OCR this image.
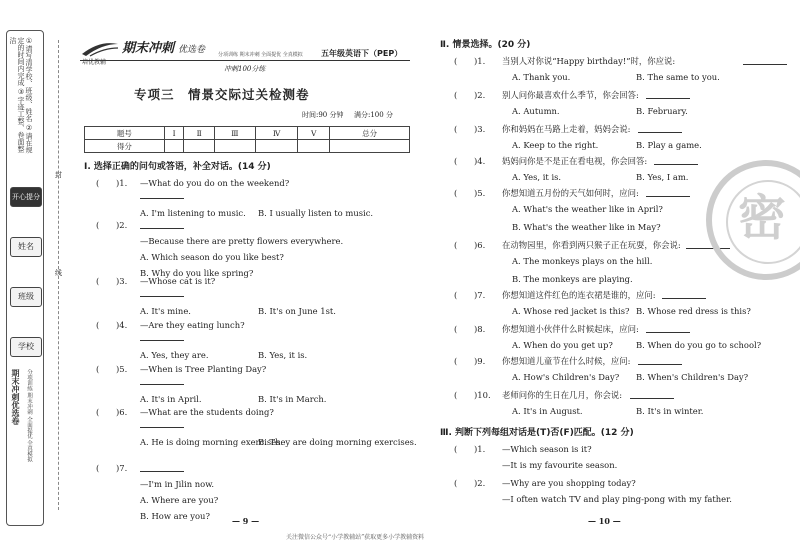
①请写清学校、班级、姓名 ②请在规定的时间内完成 ③字迹工整、卷面整洁
开心提分
姓名
班级
学校
期末冲刺优选卷 分项训练 期末冲刺 全面提优 全真模拟
封
线
培优教辅
期末冲刺 优选卷	分项训练 期末冲刺 全面提优 全真模拟 五年级英语下（PEP）
冲刺100分练
专项三　情景交际过关检测卷
时间:90 分钟 满分:100 分
题号	Ⅰ	Ⅱ	Ⅲ	Ⅳ	Ⅴ	总分
得分						
Ⅰ. 选择正确的问句或答语，补全对话。(14 分)
(　　)1. —What do you do on the weekend?
A. I'm listening to music. B. I usually listen to music.
(　　)2.
—Because there are pretty flowers everywhere.
A. Which season do you like best?
B. Why do you like spring?
(　　)3. —Whose cat is it?
A. It's mine.	B. It's on June 1st.
(　　)4. —Are they eating lunch?
A. Yes, they are.	B. Yes, it is.
(　　)5. —When is Tree Planting Day?
A. It's in April.	B. It's in March.
(　　)6. —What are the students doing?
A. He is doing morning exercises.
B. They are doing morning exercises.
(　　)7.
—I'm in Jilin now.
A. Where are you?
B. How are you?
Ⅱ. 情景选择。(20 分)
(　　)1. 当别人对你说“Happy birthday!”时，你应说:
A. Thank you.	B. The same to you.
(　　)2. 别人问你最喜欢什么季节，你会回答:
A. Autumn.	B. February.
(　　)3. 你和妈妈在马路上走着，妈妈会说:
A. Keep to the right.	B. Play a game.
(　　)4. 妈妈问你是不是正在看电视，你会回答:
A. Yes, it is.	B. Yes, I am.
(　　)5. 你想知道五月份的天气如何时，应问:
A. What's the weather like in April?
B. What's the weather like in May?
(　　)6. 在动物园里，你看到两只猴子正在玩耍，你会说:
A. The monkeys plays on the hill.
B. The monkeys are playing.
(　　)7. 你想知道这件红色的连衣裙是谁的，应问:
A. Whose red jacket is this? B. Whose red dress is this?
(　　)8. 你想知道小伙伴什么时候起床，应问:
A. When do you get up?	B. When do you go to school?
(　　)9. 你想知道儿童节在什么时候，应问:
A. How's Children's Day? B. When's Children's Day?
(　　)10. 老师问你的生日在几月，你会说:
A. It's in August.	B. It's in winter.
Ⅲ. 判断下列每组对话是(T)否(F)匹配。(12 分)
(　　)1. —Which season is it?
—It is my favourite season.
(　　)2. —Why are you shopping today?
—I often watch TV and play ping-pong with my father.
密
— 9 —	— 10 —
关注微信公众号“小学教辅站”获取更多小学教辅资料
